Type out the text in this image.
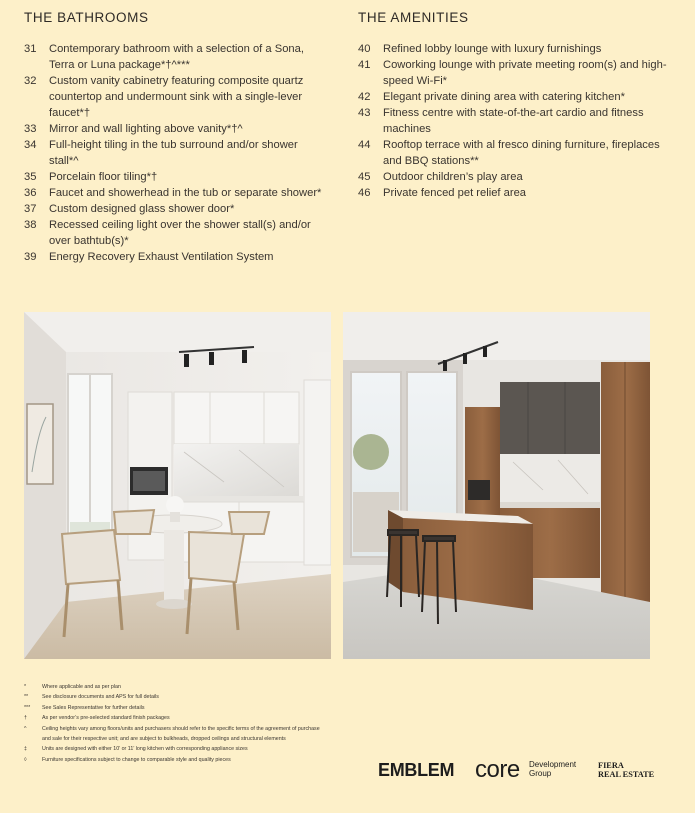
THE BATHROOMS
31	Contemporary bathroom with a selection of a Sona, Terra or Luna package*†^***
32	Custom vanity cabinetry featuring composite quartz countertop and undermount sink with a single-lever faucet*†
33	Mirror and wall lighting above vanity*†^
34	Full-height tiling in the tub surround and/or shower stall*^
35	Porcelain floor tiling*†
36	Faucet and showerhead in the tub or separate shower*
37	Custom designed glass shower door*
38	Recessed ceiling light over the shower stall(s) and/or over bathtub(s)*
39	Energy Recovery Exhaust Ventilation System
THE AMENITIES
40	Refined lobby lounge with luxury furnishings
41	Coworking lounge with private meeting room(s) and high-speed Wi-Fi*
42	Elegant private dining area with catering kitchen*
43	Fitness centre with state-of-the-art cardio and fitness machines
44	Rooftop terrace with al fresco dining furniture, fireplaces and BBQ stations**
45	Outdoor children’s play area
46	Private fenced pet relief area
*	Where applicable and as per plan
**	See disclosure documents and APS for full details
***	See Sales Representative for further details
†	As per vendor’s pre-selected standard finish packages
^	Ceiling heights vary among floors/units and purchasers should refer to the specific terms of the agreement of purchase and sale for their respective unit; and are subject to bulkheads, dropped ceilings and structural elements
‡	Units are designed with either 10’ or 11’ long kitchen with corresponding appliance sizes
◊	Furniture specifications subject to change to comparable style and quality pieces
EMBLEM core Development
Group
FIERA
REAL ESTATE
